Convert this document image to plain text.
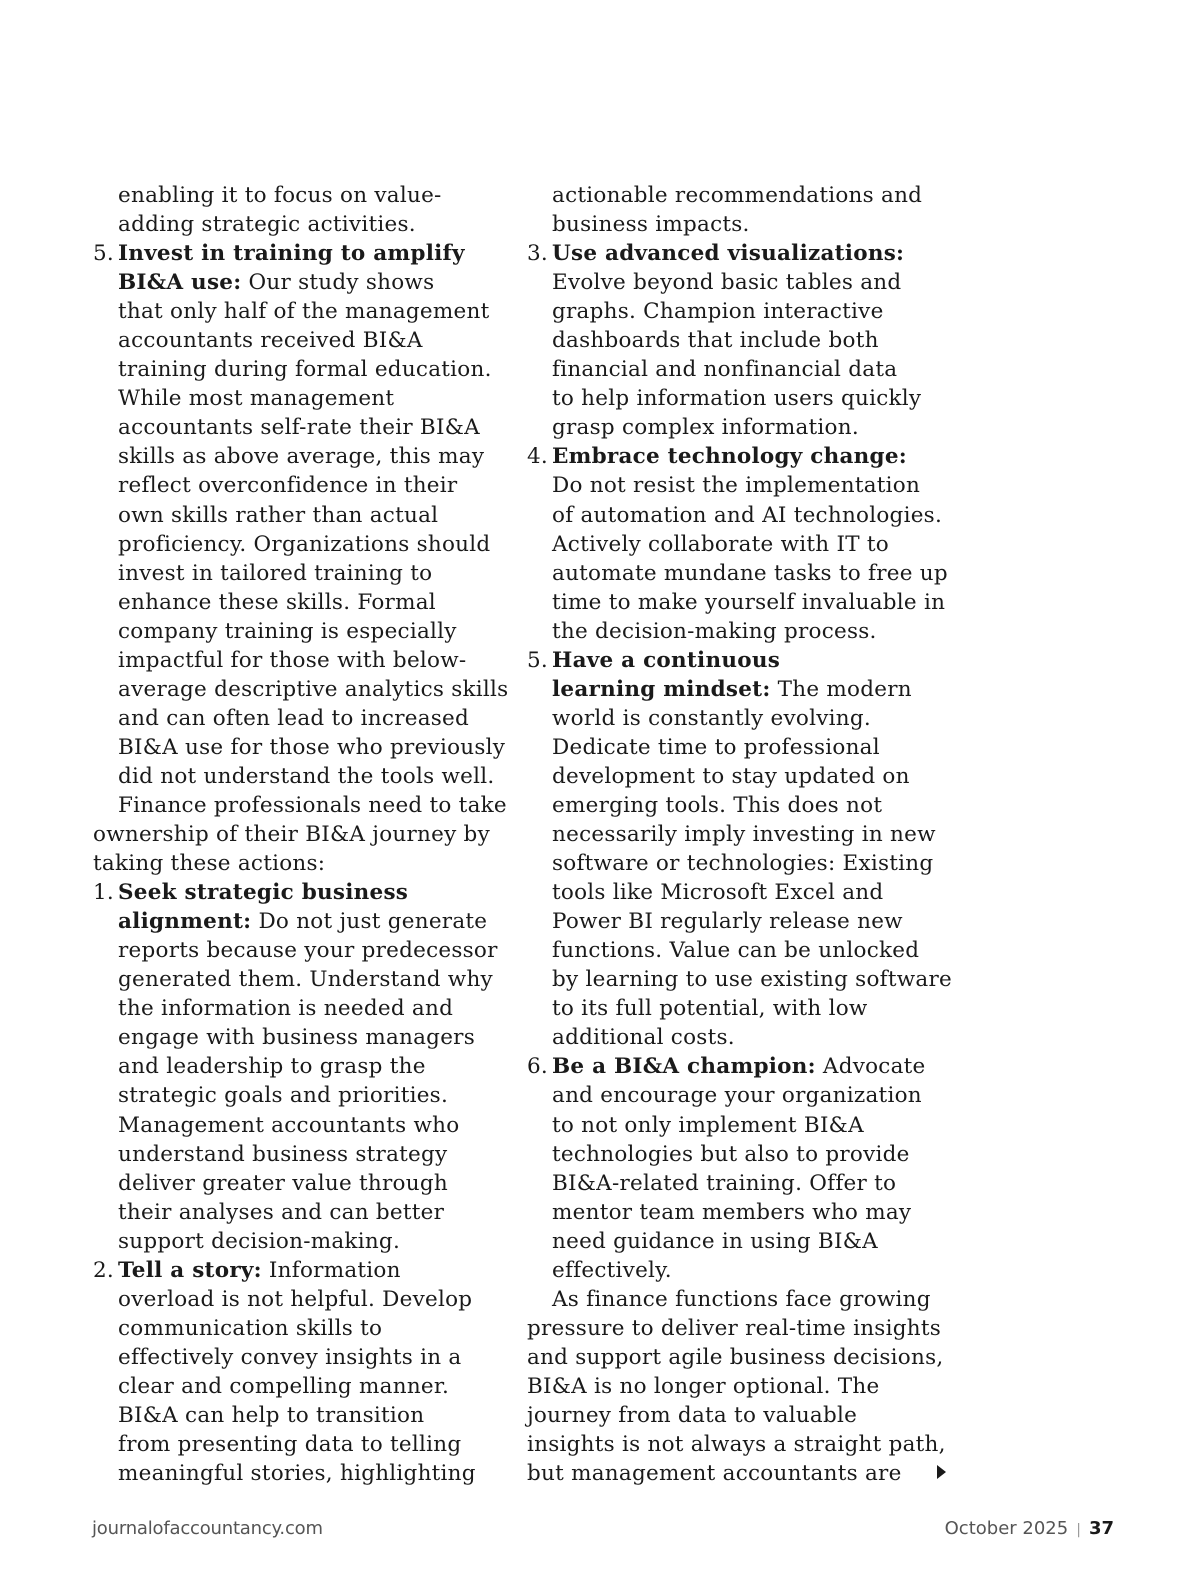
enabling it to focus on value-
adding strategic activities.
5. Invest in training to amplify
BI&A use: Our study shows
that only half of the management
accountants received BI&A
training during formal education.
While most management
accountants self-rate their BI&A
skills as above average, this may
reflect overconfidence in their
own skills rather than actual
proficiency. Organizations should
invest in tailored training to
enhance these skills. Formal
company training is especially
impactful for those with below-
average descriptive analytics skills
and can often lead to increased
BI&A use for those who previously
did not understand the tools well.
Finance professionals need to take
ownership of their BI&A journey by
taking these actions:
1. Seek strategic business
alignment: Do not just generate
reports because your predecessor
generated them. Understand why
the information is needed and
engage with business managers
and leadership to grasp the
strategic goals and priorities.
Management accountants who
understand business strategy
deliver greater value through
their analyses and can better
support decision-making.
2. Tell a story: Information
overload is not helpful. Develop
communication skills to
effectively convey insights in a
clear and compelling manner.
BI&A can help to transition
from presenting data to telling
meaningful stories, highlighting
actionable recommendations and
business impacts.
3. Use advanced visualizations:
Evolve beyond basic tables and
graphs. Champion interactive
dashboards that include both
financial and nonfinancial data
to help information users quickly
grasp complex information.
4. Embrace technology change:
Do not resist the implementation
of automation and AI technologies.
Actively collaborate with IT to
automate mundane tasks to free up
time to make yourself invaluable in
the decision-making process.
5. Have a continuous
learning mindset: The modern
world is constantly evolving.
Dedicate time to professional
development to stay updated on
emerging tools. This does not
necessarily imply investing in new
software or technologies: Existing
tools like Microsoft Excel and
Power BI regularly release new
functions. Value can be unlocked
by learning to use existing software
to its full potential, with low
additional costs.
6. Be a BI&A champion: Advocate
and encourage your organization
to not only implement BI&A
technologies but also to provide
BI&A-related training. Offer to
mentor team members who may
need guidance in using BI&A
effectively.
As finance functions face growing
pressure to deliver real-time insights
and support agile business decisions,
BI&A is no longer optional. The
journey from data to valuable
insights is not always a straight path,
but management accountants are
journalofaccountancy.com	October 2025 | 37
